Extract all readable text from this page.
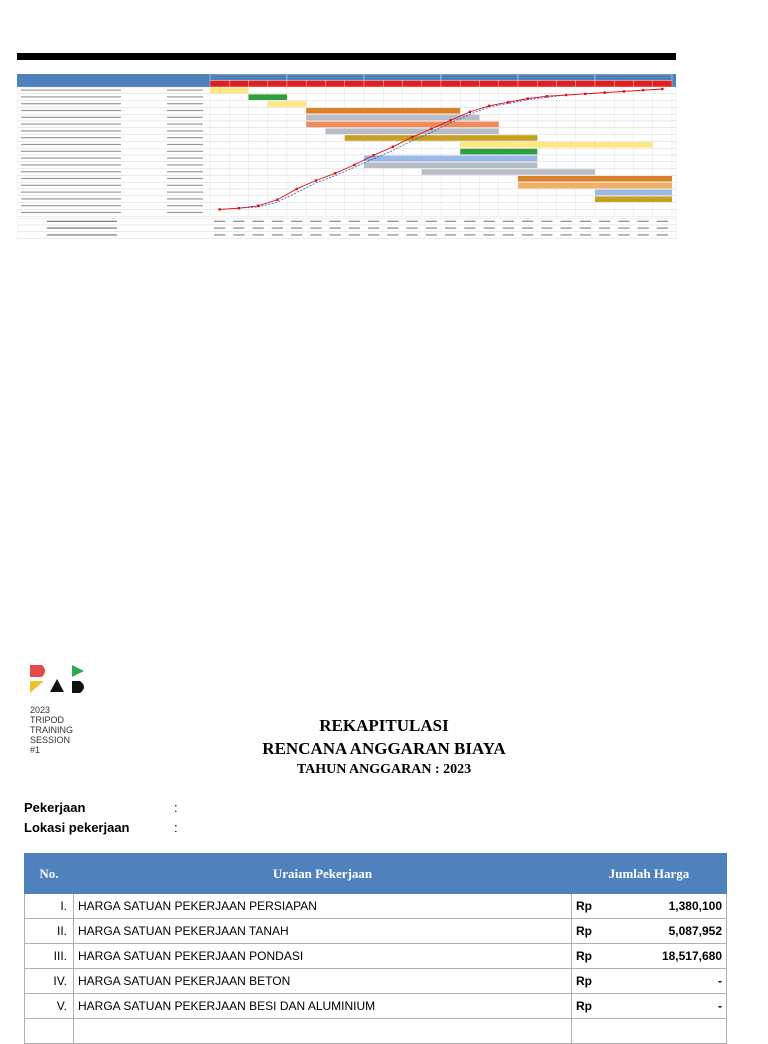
2023
TRIPOD
TRAINING
SESSION
#1
REKAPITULASI
RENCANA ANGGARAN BIAYA
TAHUN ANGGARAN : 2023
Pekerjaan	:
Lokasi pekerjaan	:
No.	Uraian Pekerjaan	Jumlah Harga	
I.	HARGA SATUAN PEKERJAAN PERSIAPAN	Rp	1,380,100
II.	HARGA SATUAN PEKERJAAN TANAH	Rp	5,087,952
III.	HARGA SATUAN PEKERJAAN PONDASI	Rp	18,517,680
IV.	HARGA SATUAN PEKERJAAN BETON	Rp	-
V.	HARGA SATUAN PEKERJAAN BESI DAN ALUMINIUM	Rp	-
